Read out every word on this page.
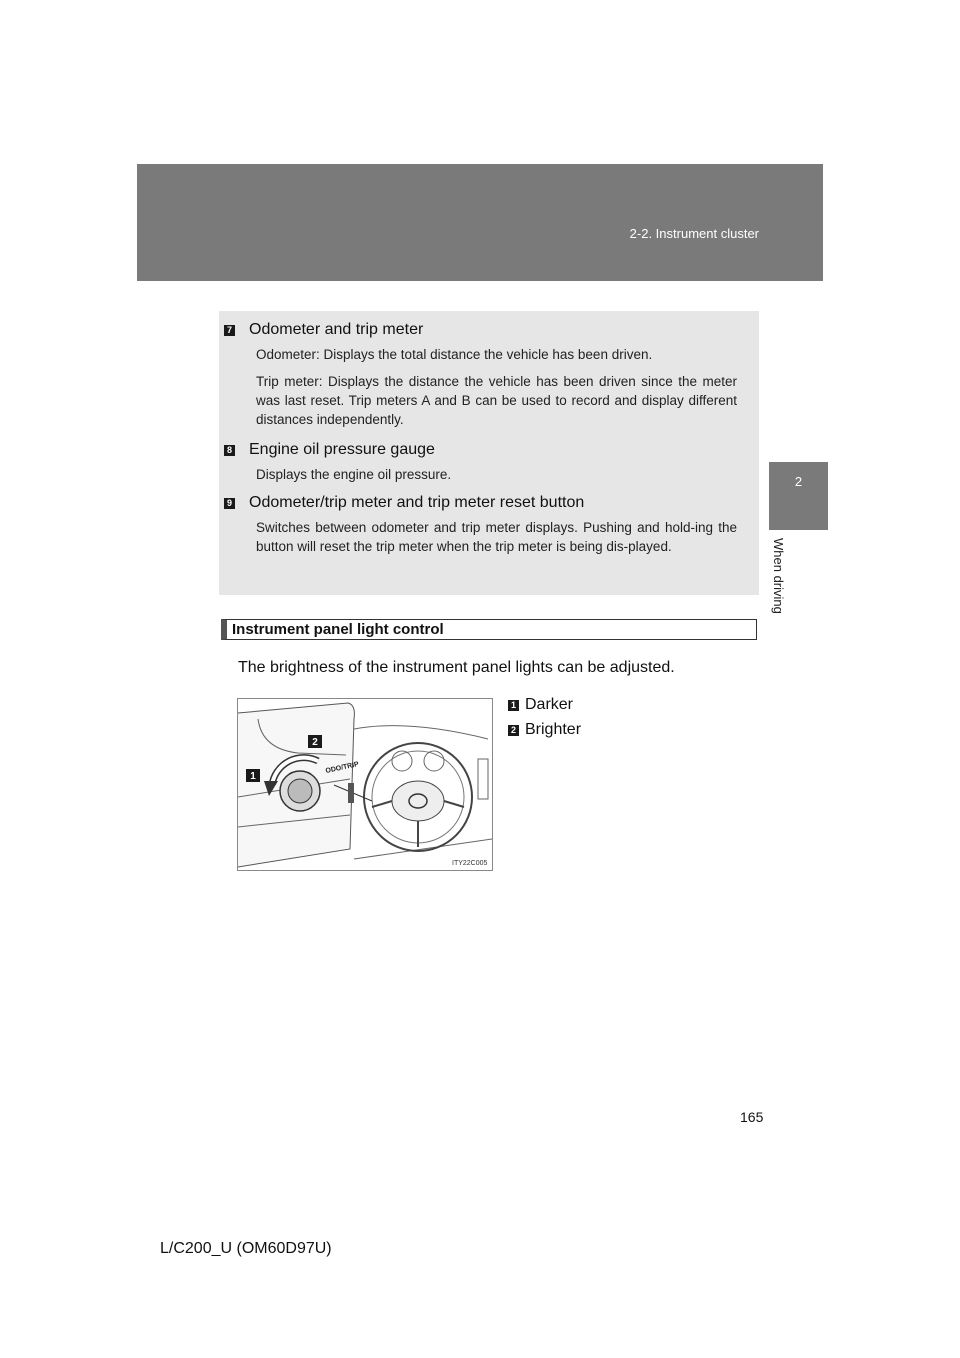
2-2. Instrument cluster
2
When driving
7 Odometer and trip meter

Odometer: Displays the total distance the vehicle has been driven.

Trip meter: Displays the distance the vehicle has been driven since the meter was last reset. Trip meters A and B can be used to record and display different distances independently.

8 Engine oil pressure gauge

Displays the engine oil pressure.

9 Odometer/trip meter and trip meter reset button

Switches between odometer and trip meter displays. Pushing and hold-ing the button will reset the trip meter when the trip meter is being dis-played.

Instrument panel light control
The brightness of the instrument panel lights can be adjusted.
1
2
ODO/TRIP
ITY22C005
1 Darker
2 Brighter
165
L/C200_U (OM60D97U)
